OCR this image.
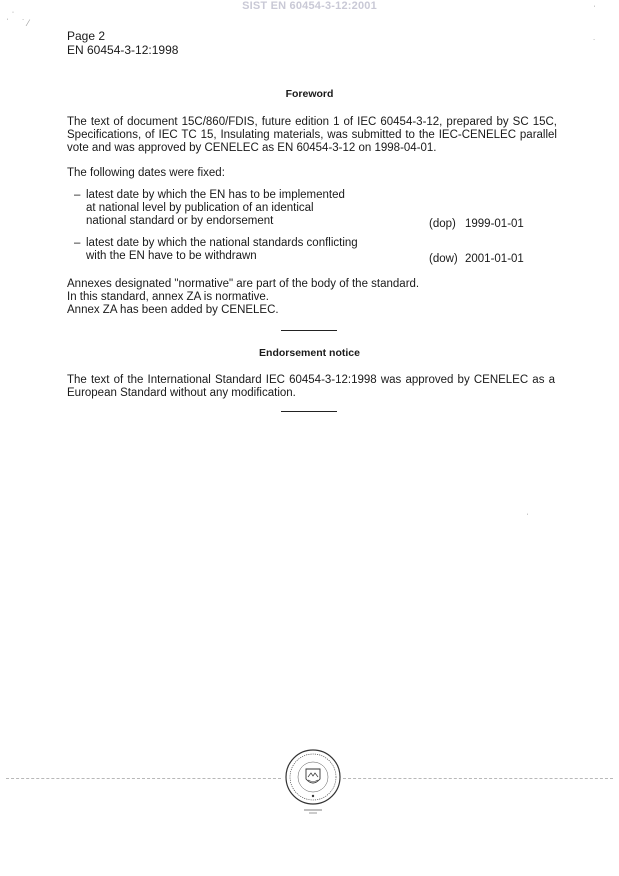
SIST EN 60454-3-12:2001
ˌ ˈ
˙ ⁄
˙
ˈ
Page 2
EN 60454-3-12:1998
Foreword
The text of document 15C/860/FDIS, future edition 1 of IEC 60454-3-12, prepared by SC 15C, Specifications, of IEC TC 15, Insulating materials, was submitted to the IEC-CENELEC parallel vote and was approved by CENELEC as EN 60454-3-12 on 1998-04-01.
The following dates were fixed:
– latest date by which the EN has to be implemented
at national level by publication of an identical
national standard or by endorsement	(dop) 1999-01-01
– latest date by which the national standards conflicting
with the EN have to be withdrawn	(dow) 2001-01-01
Annexes designated "normative" are part of the body of the standard.
In this standard, annex ZA is normative.
Annex ZA has been added by CENELEC.
Endorsement notice
The text of the International Standard IEC 60454-3-12:1998 was approved by CENELEC as a European Standard without any modification.
ˌ
